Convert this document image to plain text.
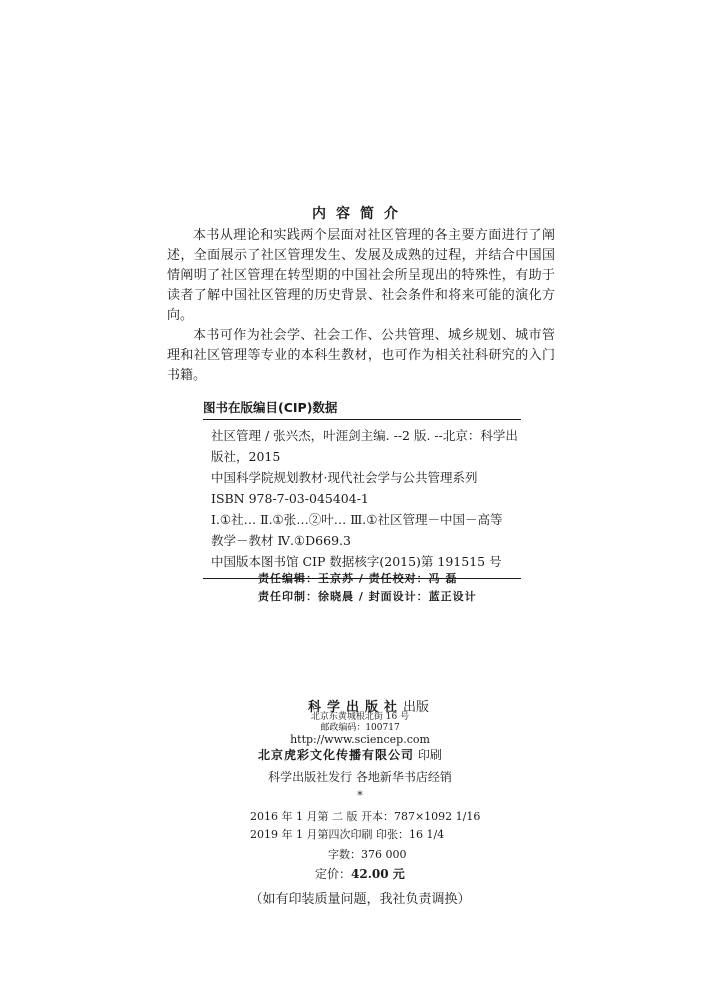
内容简介

本书从理论和实践两个层面对社区管理的各主要方面进行了阐述，全面展示了社区管理发生、发展及成熟的过程，并结合中国国情阐明了社区管理在转型期的中国社会所呈现出的特殊性，有助于读者了解中国社区管理的历史背景、社会条件和将来可能的演化方向。

本书可作为社会学、社会工作、公共管理、城乡规划、城市管理和社区管理等专业的本科生教材，也可作为相关社科研究的入门书籍。

图书在版编目(CIP)数据
社区管理 / 张兴杰，叶涯剑主编. --2 版. --北京：科学出
版社，2015
中国科学院规划教材·现代社会学与公共管理系列
ISBN 978-7-03-045404-1
Ⅰ.①社… Ⅱ.①张…②叶… Ⅲ.①社区管理－中国－高等
教学－教材 Ⅳ.①D669.3
中国版本图书馆 CIP 数据核字(2015)第 191515 号
责任编辑：王京苏 / 责任校对：冯 磊
责任印制：徐晓晨 / 封面设计：蓝正设计
科学出版社出版
北京东黄城根北街 16 号
邮政编码：100717
http://www.sciencep.com
北京虎彩文化传播有限公司 印刷
科学出版社发行 各地新华书店经销
*
2016 年 1 月第 二 版 开本：787×1092 1/16
2019 年 1 月第四次印刷 印张：16 1/4
字数：376 000
定价：42.00 元
（如有印装质量问题，我社负责调换）
